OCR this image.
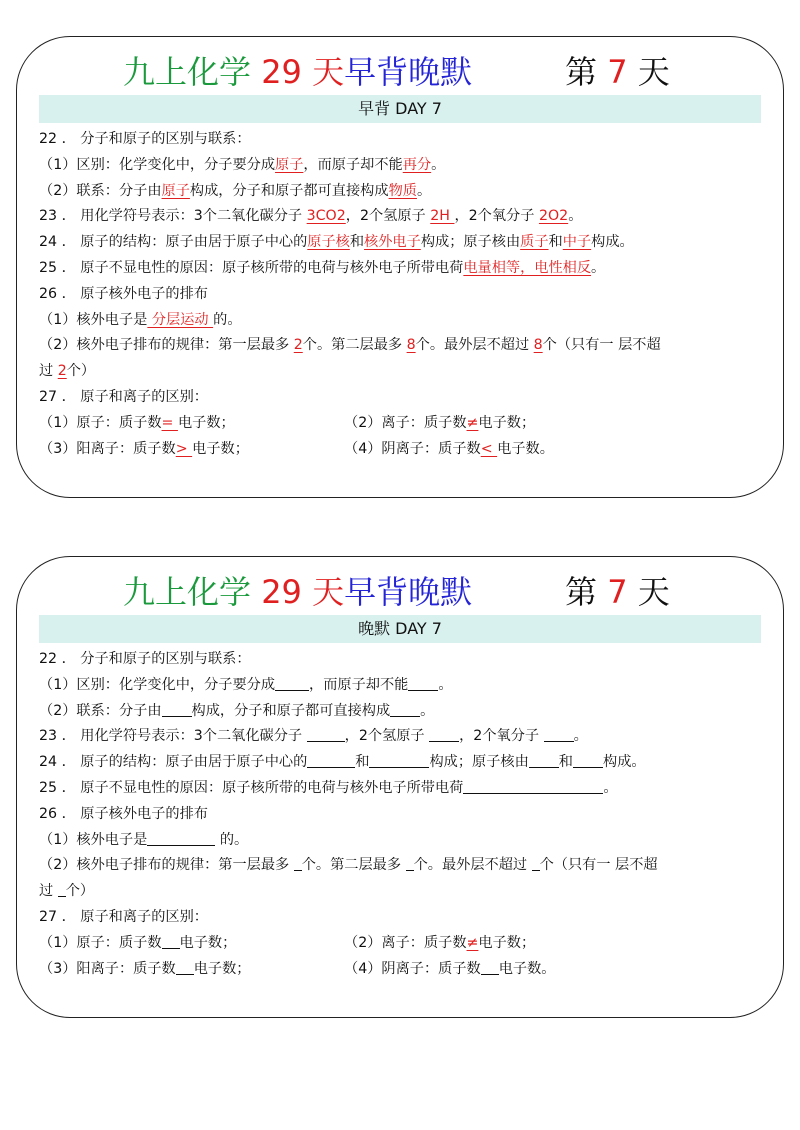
九上化学 29 天早背晚默	第 7 天
早背 DAY 7
22 ． 分子和原子的区别与联系：
（1）区别：化学变化中，分子要分成原子，而原子却不能再分。
（2）联系：分子由原子构成，分子和原子都可直接构成物质。
23 ． 用化学符号表示：3个二氧化碳分子 3CO2，2个氢原子 2H ，2个氧分子 2O2。
24 ． 原子的结构：原子由居于原子中心的原子核和核外电子构成；原子核由质子和中子构成。
25 ． 原子不显电性的原因：原子核所带的电荷与核外电子所带电荷电量相等，电性相反。
26 ． 原子核外电子的排布
（1）核外电子是 分层运动 的。
（2）核外电子排布的规律：第一层最多 2个。第二层最多 8个。最外层不超过 8个（只有一 层不超
过 2个）
27 ． 原子和离子的区别：
（1）原子：质子数= 电子数；	（2）离子：质子数≠电子数；
（3）阳离子：质子数> 电子数；	（4）阴离子：质子数< 电子数。
九上化学 29 天早背晚默	第 7 天
晚默 DAY 7
22 ． 分子和原子的区别与联系：
（1）区别：化学变化中，分子要分成 ，而原子却不能 。
（2）联系：分子由 构成，分子和原子都可直接构成 。
23 ． 用化学符号表示：3个二氧化碳分子	，2个氢原子 ，2个氧分子 。
24 ． 原子的结构：原子由居于原子中心的	和	构成；原子核由 和 构成。
25 ． 原子不显电性的原因：原子核所带的电荷与核外电子所带电荷	。
26 ． 原子核外电子的排布
（1）核外电子是	的。
（2）核外电子排布的规律：第一层最多 个。第二层最多 个。最外层不超过 个（只有一 层不超
过 个）
27 ． 原子和离子的区别：
（1）原子：质子数 电子数；	（2）离子：质子数≠电子数；
（3）阳离子：质子数 电子数；	（4）阴离子：质子数 电子数。
